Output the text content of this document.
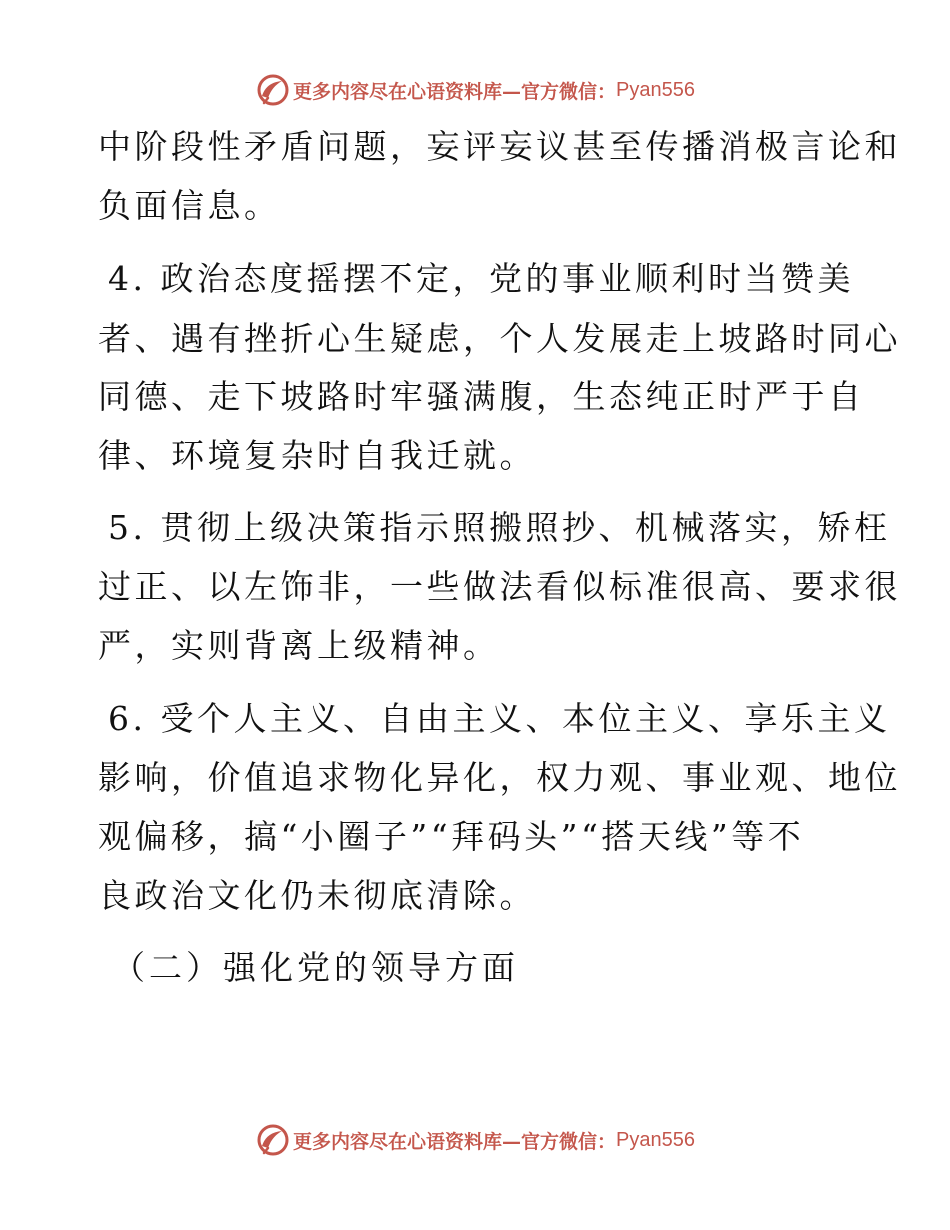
更多内容尽在心语资料库— 官方微信： Pyan556
中阶段性矛盾问题，妄评妄议甚至传播消极言论和
负面信息。
4. 政治态度摇摆不定，党的事业顺利时当赞美
者、遇有挫折心生疑虑，个人发展走上坡路时同心
同德、走下坡路时牢骚满腹，生态纯正时严于自
律、环境复杂时自我迁就。
5. 贯彻上级决策指示照搬照抄、机械落实，矫枉
过正、以左饰非，一些做法看似标准很高、要求很
严，实则背离上级精神。
6. 受个人主义、自由主义、本位主义、享乐主义
影响，价值追求物化异化，权力观、事业观、地位
观偏移，搞“小圈子”“拜码头”“搭天线”等不
良政治文化仍未彻底清除。
（二）强化党的领导方面
更多内容尽在心语资料库— 官方微信： Pyan556
